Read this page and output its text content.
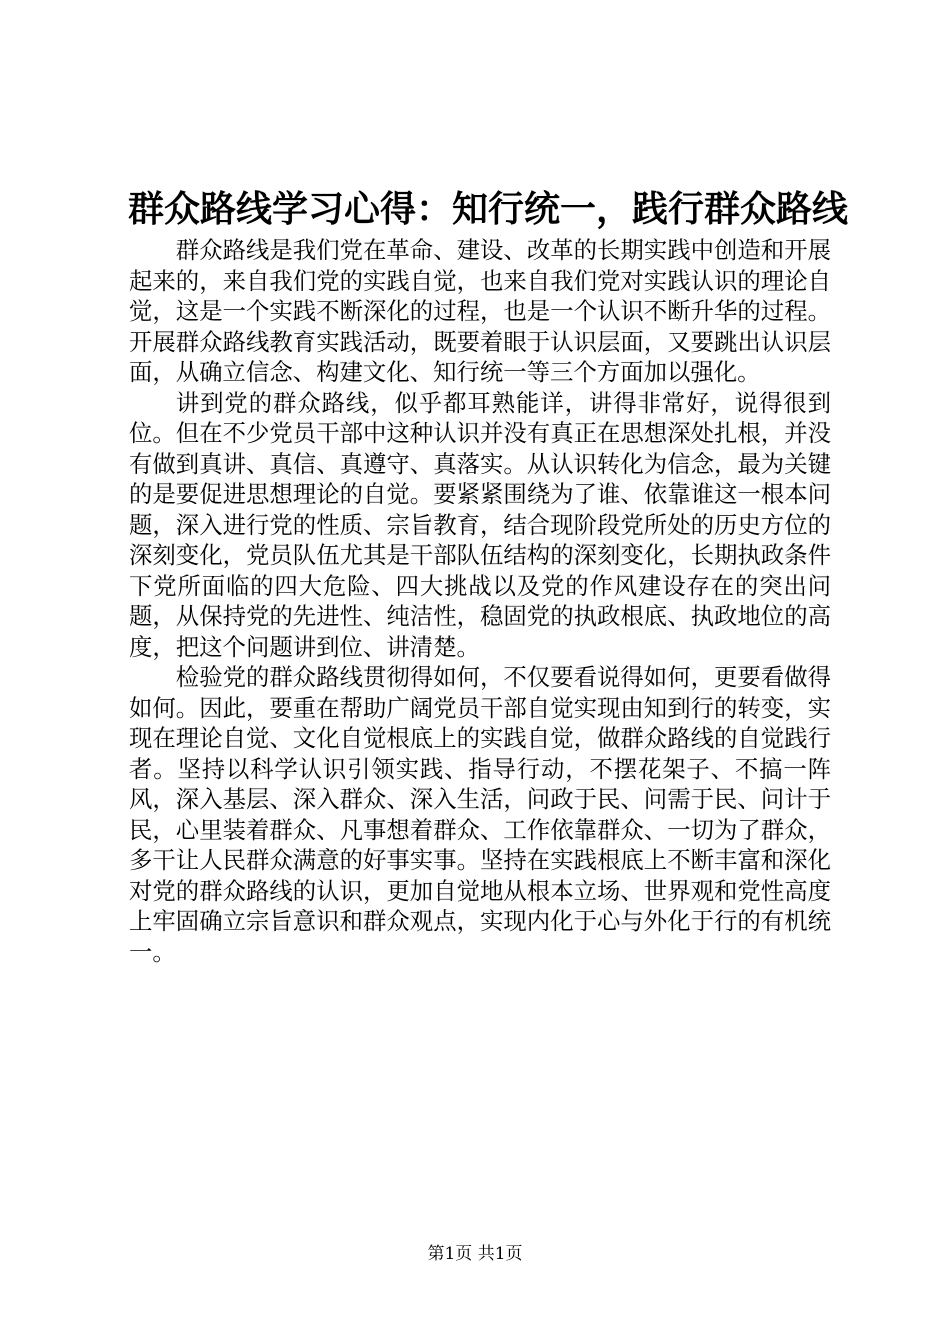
群众路线学习心得：知行统一，践行群众路线

群众路线是我们党在革命、建设、改革的长期实践中创造和开展起来的，来自我们党的实践自觉，也来自我们党对实践认识的理论自觉，这是一个实践不断深化的过程，也是一个认识不断升华的过程。开展群众路线教育实践活动，既要着眼于认识层面，又要跳出认识层面，从确立信念、构建文化、知行统一等三个方面加以强化。

讲到党的群众路线，似乎都耳熟能详，讲得非常好，说得很到位。但在不少党员干部中这种认识并没有真正在思想深处扎根，并没有做到真讲、真信、真遵守、真落实。从认识转化为信念，最为关键的是要促进思想理论的自觉。要紧紧围绕为了谁、依靠谁这一根本问题，深入进行党的性质、宗旨教育，结合现阶段党所处的历史方位的深刻变化，党员队伍尤其是干部队伍结构的深刻变化，长期执政条件下党所面临的四大危险、四大挑战以及党的作风建设存在的突出问题，从保持党的先进性、纯洁性，稳固党的执政根底、执政地位的高度，把这个问题讲到位、讲清楚。

检验党的群众路线贯彻得如何，不仅要看说得如何，更要看做得如何。因此，要重在帮助广阔党员干部自觉实现由知到行的转变，实现在理论自觉、文化自觉根底上的实践自觉，做群众路线的自觉践行者。坚持以科学认识引领实践、指导行动，不摆花架子、不搞一阵风，深入基层、深入群众、深入生活，问政于民、问需于民、问计于民，心里装着群众、凡事想着群众、工作依靠群众、一切为了群众，多干让人民群众满意的好事实事。坚持在实践根底上不断丰富和深化对党的群众路线的认识，更加自觉地从根本立场、世界观和党性高度上牢固确立宗旨意识和群众观点，实现内化于心与外化于行的有机统一。

第1页 共1页
